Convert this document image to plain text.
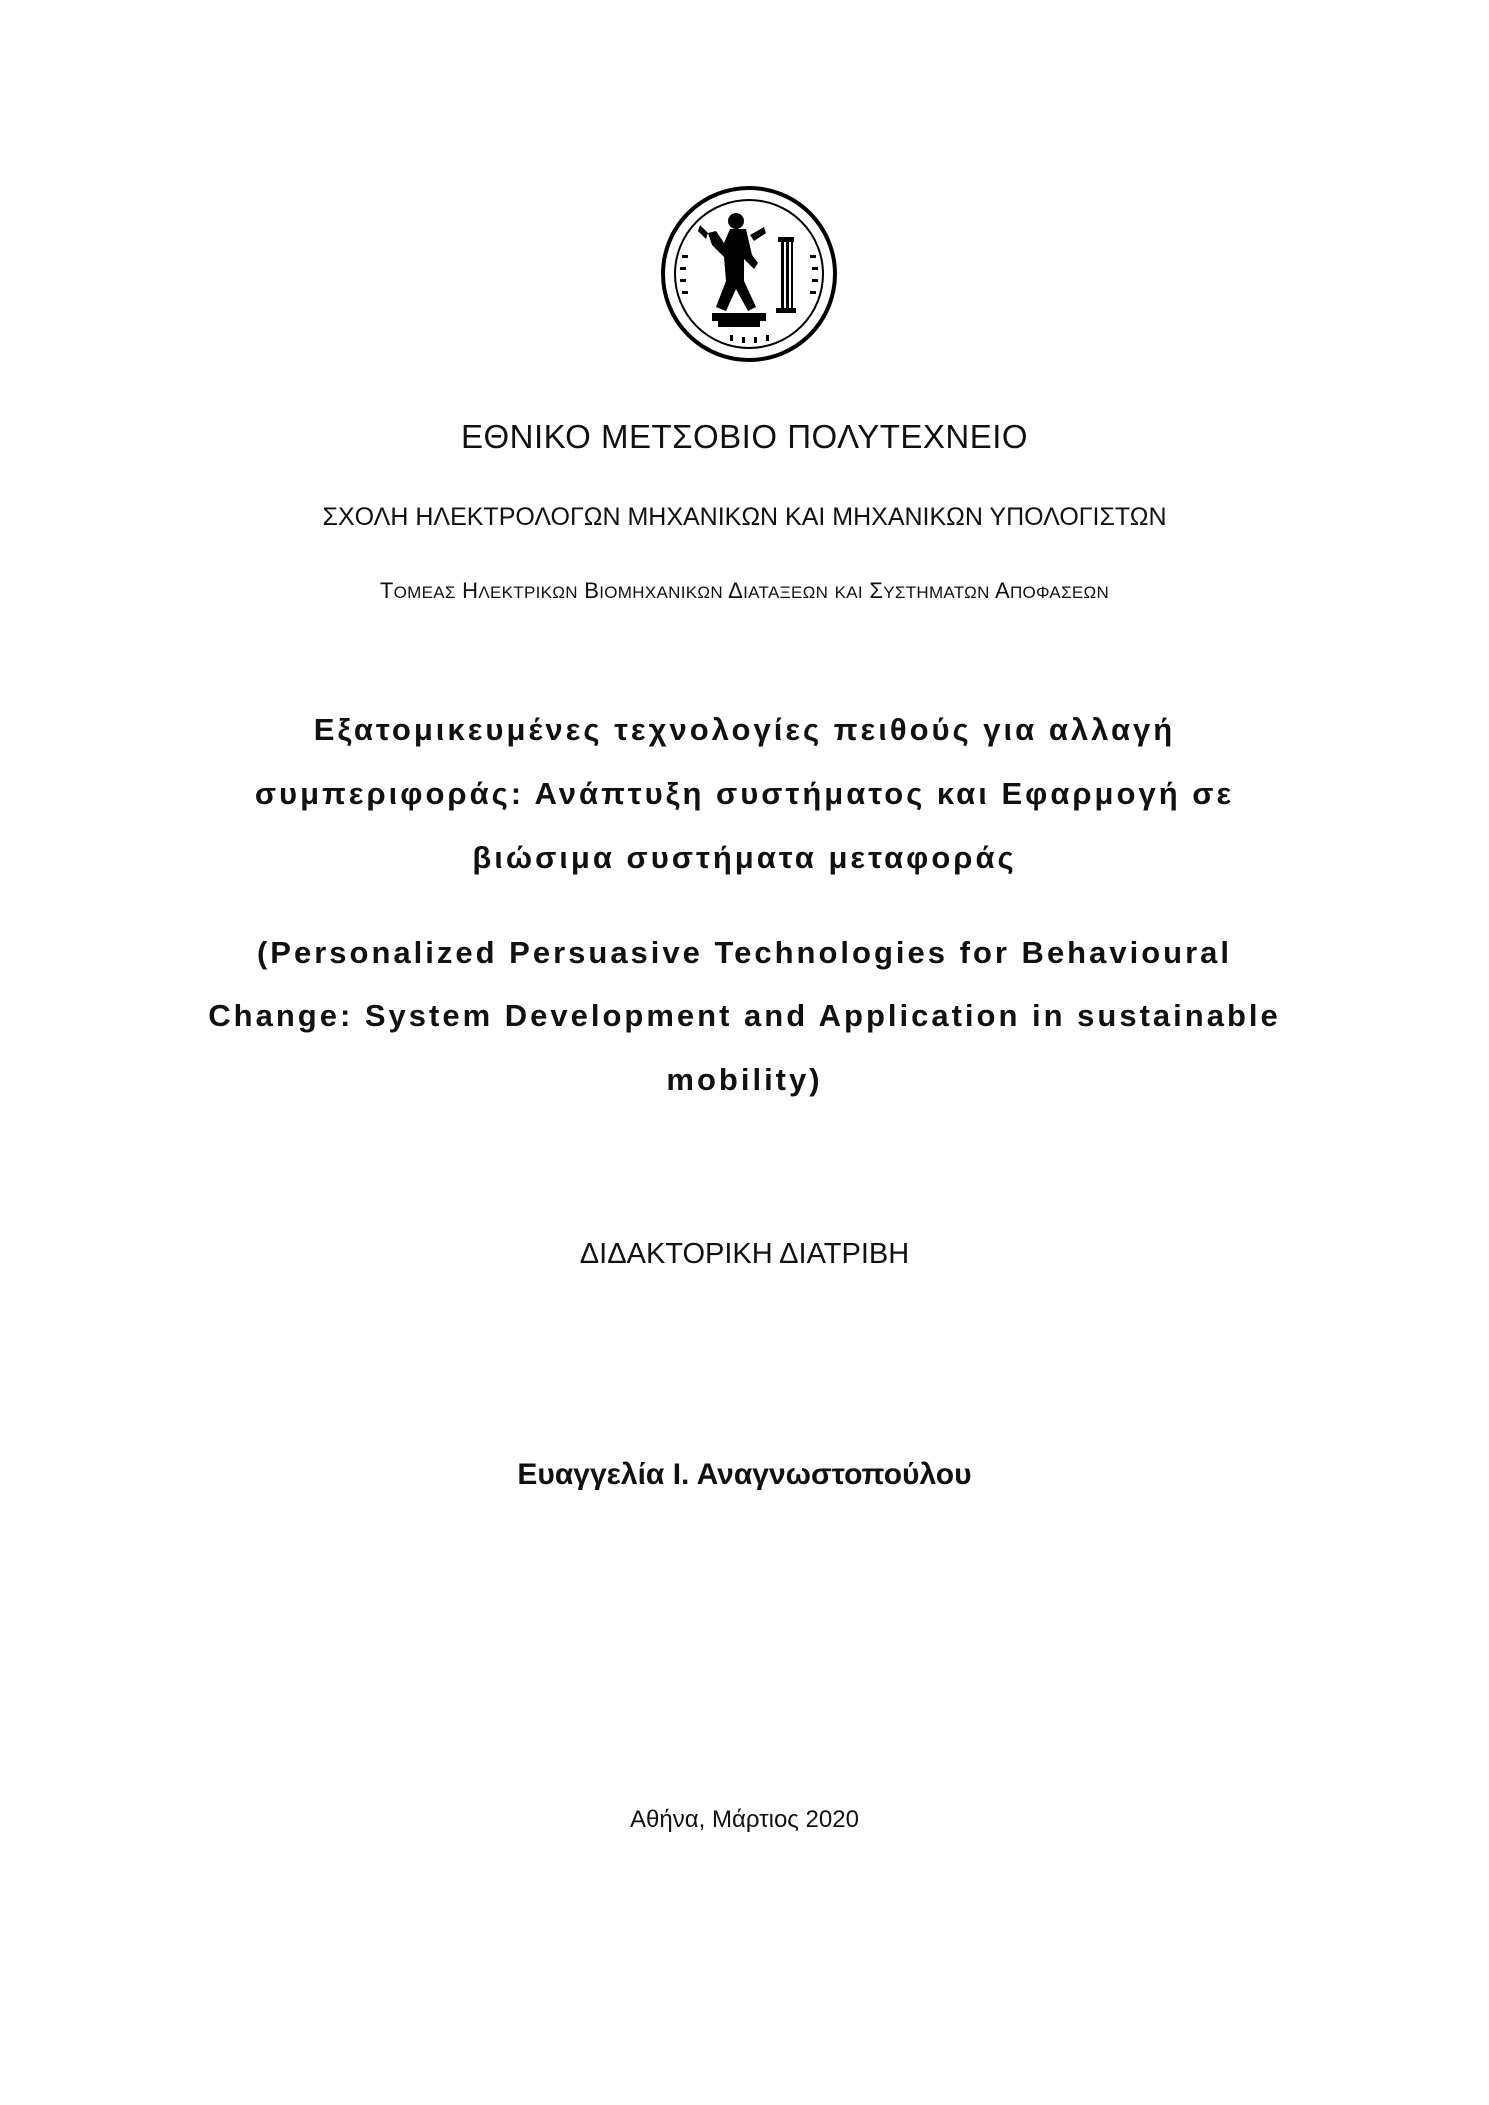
ΕΘΝΙΚΟ ΜΕΤΣΟΒΙΟ ΠΟΛΥΤΕΧΝΕΙΟ
ΣΧΟΛΗ ΗΛΕΚΤΡΟΛΟΓΩΝ ΜΗΧΑΝΙΚΩΝ ΚΑΙ ΜΗΧΑΝΙΚΩΝ ΥΠΟΛΟΓΙΣΤΩΝ
ΤΟΜΕΑΣ ΗΛΕΚΤΡΙΚΩΝ ΒΙΟΜΗΧΑΝΙΚΩΝ ΔΙΑΤΑΞΕΩΝ ΚΑΙ ΣΥΣΤΗΜΑΤΩΝ ΑΠΟΦΑΣΕΩΝ
Εξατομικευμένες τεχνολογίες πειθούς για αλλαγή
συμπεριφοράς: Ανάπτυξη συστήματος και Εφαρμογή σε
βιώσιμα συστήματα μεταφοράς
(Personalized Persuasive Technologies for Behavioural
Change: System Development and Application in sustainable
mobility)
ΔΙΔΑΚΤΟΡΙΚΗ ΔΙΑΤΡΙΒΗ
Ευαγγελία Ι. Αναγνωστοπούλου
Αθήνα, Μάρτιος 2020
